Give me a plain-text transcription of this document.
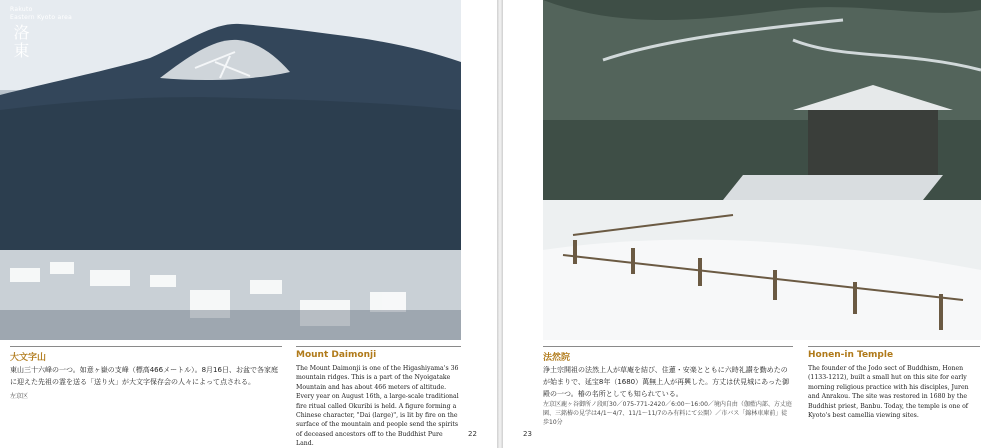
Rakuto
Eastern Kyoto area
洛東
大文字山
東山三十六峰の一つ。如意ヶ嶽の支峰（標高466メートル）。8月16日、お盆で各家庭に迎えた先祖の霊を送る「送り火」が大文字保存会の人々によって点される。
左京区
Mount Daimonji
The Mount Daimonji is one of the Higashiyama's 36 mountain ridges. This is a part of the Nyoigatake Mountain and has about 466 meters of altitude. Every year on August 16th, a large-scale traditional fire ritual called Okuribi is held. A figure forming a Chinese character, "Dai (large)", is lit by fire on the surface of the mountain and people send the spirits of deceased ancestors off to the Buddhist Pure Land.
22
法然院
浄土宗開祖の法然上人が草庵を結び、住蓮・安楽とともに六時礼讃を勤めたのが始まりで、延宝8年（1680）萬無上人が再興した。方丈は伏見城にあった御殿の一つ。椿の名所としても知られている。
左京区鹿ヶ谷御所ノ段町30／075-771-2420／6:00〜16:00／境内自由（伽藍内部、方丈庭園、三銘椿の見学は4/1〜4/7、11/1〜11/7のみ有料にて公開）／市バス「錦林車庫前」徒歩10分
Honen-in Temple
The founder of the Jodo sect of Buddhism, Honen (1133-1212), built a small hut on this site for early morning religious practice with his disciples, Juren and Anrakou. The site was restored in 1680 by the Buddhist priest, Banbu. Today, the temple is one of Kyoto's best camellia viewing sites.
23
